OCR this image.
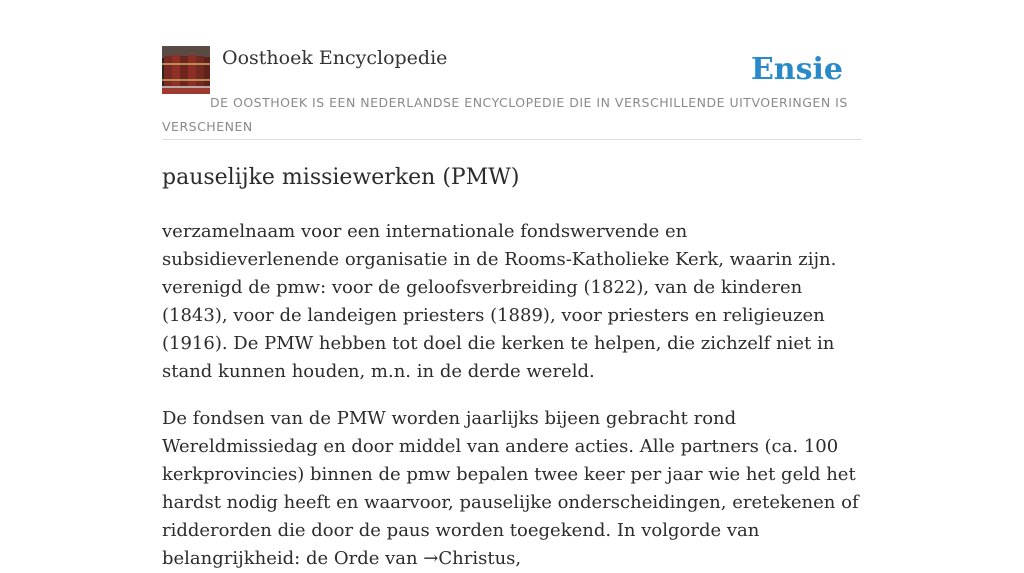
Oosthoek Encyclopedie	Ensie
DE OOSTHOEK IS EEN NEDERLANDSE ENCYCLOPEDIE DIE IN VERSCHILLENDE UITVOERINGEN IS VERSCHENEN
pauselijke missiewerken (PMW)

verzamelnaam voor een internationale fondswervende en subsidieverlenende organisatie in de Rooms-Katholieke Kerk, waarin zijn. verenigd de pmw: voor de geloofsverbreiding (1822), van de kinderen (1843), voor de landeigen priesters (1889), voor priesters en religieuzen (1916). De PMW hebben tot doel die kerken te helpen, die zichzelf niet in stand kunnen houden, m.n. in de derde wereld.

De fondsen van de PMW worden jaarlijks bijeen gebracht rond Wereldmissiedag en door middel van andere acties. Alle partners (ca. 100 kerkprovincies) binnen de pmw bepalen twee keer per jaar wie het geld het hardst nodig heeft en waarvoor, pauselijke onderscheidingen, eretekenen of ridderorden die door de paus worden toegekend. In volgorde van belangrijkheid: de Orde van →Christus,
